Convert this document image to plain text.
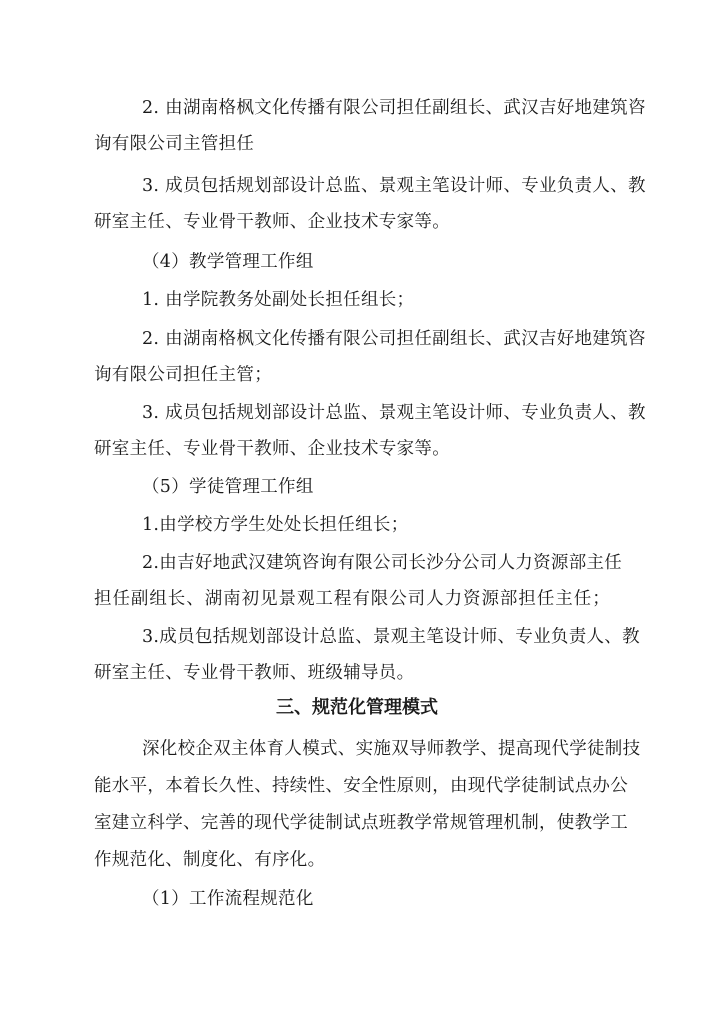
2. 由湖南格枫文化传播有限公司担任副组长、武汉吉好地建筑咨
询有限公司主管担任
3. 成员包括规划部设计总监、景观主笔设计师、专业负责人、教
研室主任、专业骨干教师、企业技术专家等。
（4）教学管理工作组
1. 由学院教务处副处长担任组长；
2. 由湖南格枫文化传播有限公司担任副组长、武汉吉好地建筑咨
询有限公司担任主管；
3. 成员包括规划部设计总监、景观主笔设计师、专业负责人、教
研室主任、专业骨干教师、企业技术专家等。
（5）学徒管理工作组
1.由学校方学生处处长担任组长；
2.由吉好地武汉建筑咨询有限公司长沙分公司人力资源部主任
担任副组长、湖南初见景观工程有限公司人力资源部担任主任；
3.成员包括规划部设计总监、景观主笔设计师、专业负责人、教
研室主任、专业骨干教师、班级辅导员。
三、规范化管理模式
深化校企双主体育人模式、实施双导师教学、提高现代学徒制技
能水平，本着长久性、持续性、安全性原则，由现代学徒制试点办公
室建立科学、完善的现代学徒制试点班教学常规管理机制，使教学工
作规范化、制度化、有序化。
（1）工作流程规范化
